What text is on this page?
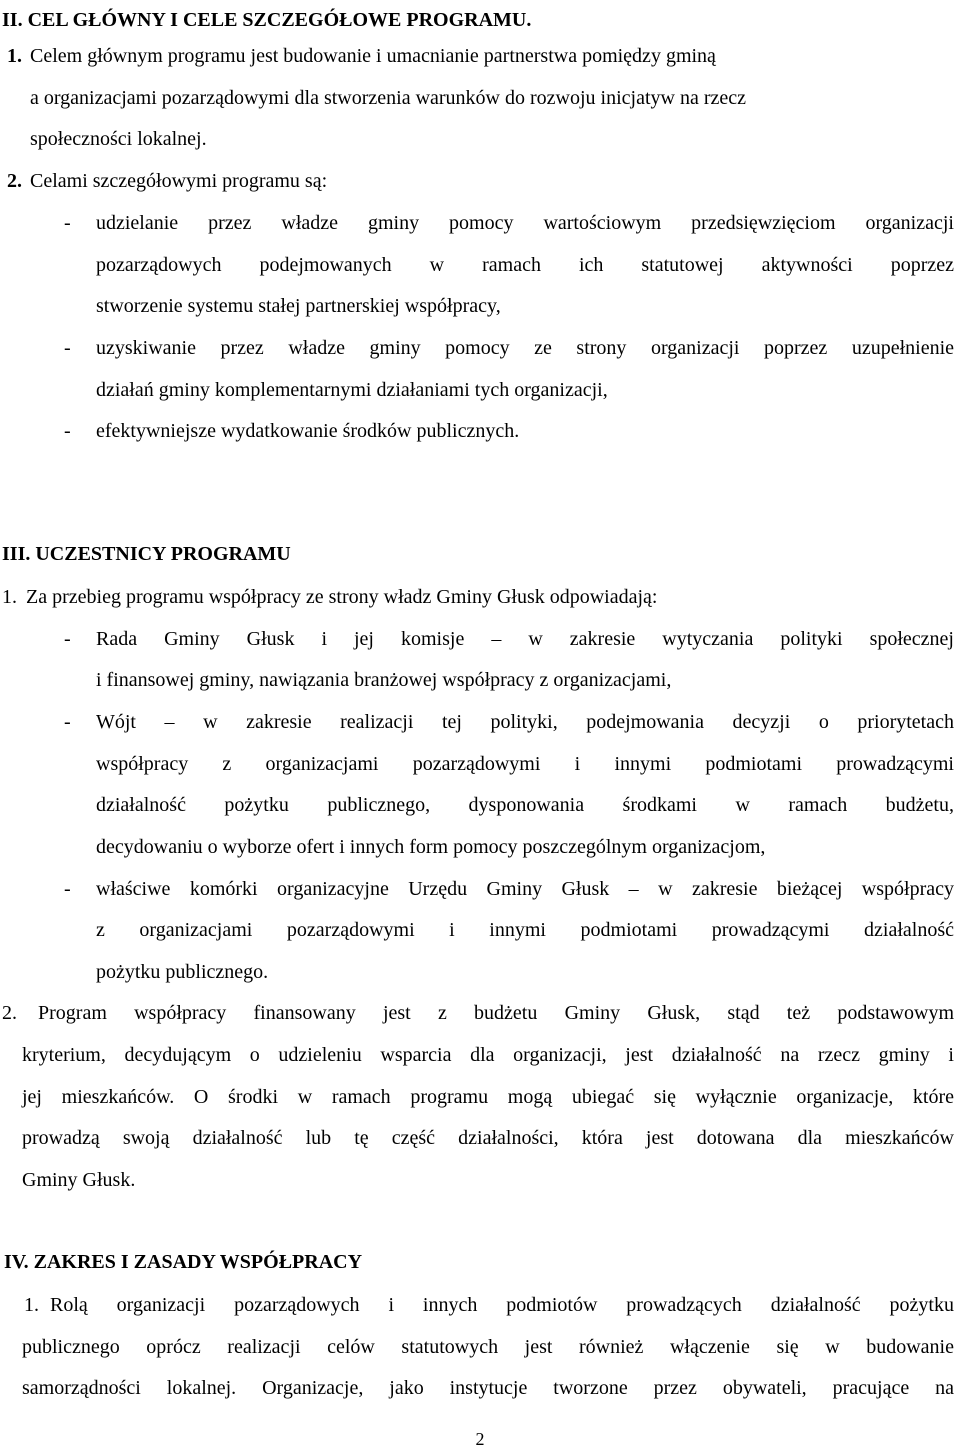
II. CEL GŁÓWNY I CELE SZCZEGÓŁOWE PROGRAMU.
1. Celem głównym programu jest budowanie i umacnianie partnerstwa pomiędzy gminą
a organizacjami pozarządowymi dla stworzenia warunków do rozwoju inicjatyw na rzecz
społeczności lokalnej.
2. Celami szczegółowymi programu są:
- udzielanie przez władze gminy pomocy wartościowym przedsięwzięciom organizacji
pozarządowych podejmowanych w ramach ich statutowej aktywności poprzez
stworzenie systemu stałej partnerskiej współpracy,
- uzyskiwanie przez władze gminy pomocy ze strony organizacji poprzez uzupełnienie
działań gminy komplementarnymi działaniami tych organizacji,
- efektywniejsze wydatkowanie środków publicznych.
III. UCZESTNICY PROGRAMU
1. Za przebieg programu współpracy ze strony władz Gminy Głusk odpowiadają:
- Rada Gminy Głusk i jej komisje – w zakresie wytyczania polityki społecznej
i finansowej gminy, nawiązania branżowej współpracy z organizacjami,
- Wójt – w zakresie realizacji tej polityki, podejmowania decyzji o priorytetach
współpracy z organizacjami pozarządowymi i innymi podmiotami prowadzącymi
działalność pożytku publicznego, dysponowania środkami w ramach budżetu,
decydowaniu o wyborze ofert i innych form pomocy poszczególnym organizacjom,
- właściwe komórki organizacyjne Urzędu Gminy Głusk – w zakresie bieżącej współpracy
z organizacjami pozarządowymi i innymi podmiotami prowadzącymi działalność
pożytku publicznego.
2. Program współpracy finansowany jest z budżetu Gminy Głusk, stąd też podstawowym
kryterium, decydującym o udzieleniu wsparcia dla organizacji, jest działalność na rzecz gminy i
jej mieszkańców. O środki w ramach programu mogą ubiegać się wyłącznie organizacje, które
prowadzą swoją działalność lub tę część działalności, która jest dotowana dla mieszkańców
Gminy Głusk.
IV. ZAKRES I ZASADY WSPÓŁPRACY
1. Rolą organizacji pozarządowych i innych podmiotów prowadzących działalność pożytku
publicznego oprócz realizacji celów statutowych jest również włączenie się w budowanie
samorządności lokalnej. Organizacje, jako instytucje tworzone przez obywateli, pracujące na
2
